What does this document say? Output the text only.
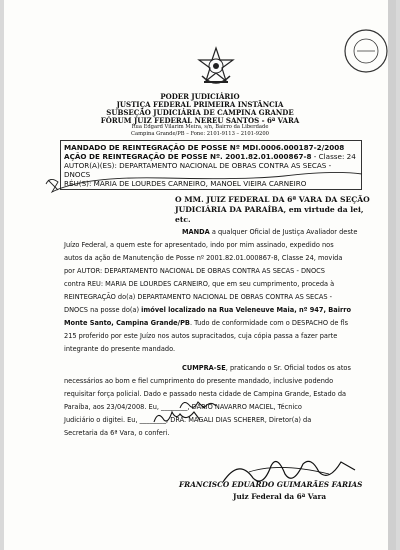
PODER JUDICIÁRIO

JUSTIÇA FEDERAL PRIMEIRA INSTÂNCIA

SUBSEÇÃO JUDICIÁRIA DE CAMPINA GRANDE

FÓRUM JUIZ FEDERAL NEREU SANTOS - 6ª VARA

Rua Edgard Vilarim Meira, s/n, Bairro da Liberdade

Campina Grande/PB – Fone: 2101-9113 – 2101-9200

MANDADO DE REINTEGRAÇÃO DE POSSE Nº MDI.0006.000187-2/2008

AÇÃO DE REINTEGRAÇÃO DE POSSE Nº. 2001.82.01.000867-8 - Classe: 24

AUTOR(A)(ES): DEPARTAMENTO NACIONAL DE OBRAS CONTRA AS SECAS -

DNOCS

RÉU(S): MARIA DE LOURDES CARNEIRO, MANOEL VIEIRA CARNEIRO

O MM. JUIZ FEDERAL DA 6ª VARA DA SEÇÃO

JUDICIÁRIA DA PARAÍBA, em virtude da lei,

etc.

MANDA a qualquer Oficial de Justiça Avaliador deste

Juízo Federal, a quem este for apresentado, indo por mim assinado, expedido nos

autos da ação de Manutenção de Posse nº 2001.82.01.000867-8, Classe 24, movida

por AUTOR: DEPARTAMENTO NACIONAL DE OBRAS CONTRA AS SECAS - DNOCS

contra REU: MARIA DE LOURDES CARNEIRO, que em seu cumprimento, proceda à

REINTEGRAÇÃO do(a) DEPARTAMENTO NACIONAL DE OBRAS CONTRA AS SECAS -

DNOCS na posse do(a) imóvel localizado na Rua Veleneuve Maia, nº 947, Bairro

Monte Santo, Campina Grande/PB. Tudo de conformidade com o DESPACHO de fls

215 proferido por este Juízo nos autos supracitados, cuja cópia passa a fazer parte

integrante do presente mandado.

CUMPRA-SE, praticando o Sr. Oficial todos os atos

necessários ao bom e fiel cumprimento do presente mandado, inclusive podendo

requisitar força policial. Dado e passado nesta cidade de Campina Grande, Estado da

Paraíba, aos 23/04/2008. Eu, ________, DARIO NAVARRO MACIEL, Técnico

Judiciário o digitei. Eu, ________, DRA. MAGALI DIAS SCHERER, Diretor(a) da

Secretaria da 6ª Vara, o conferi.

FRANCISCO EDUARDO GUIMARÃES FARIAS

Juiz Federal da 6ª Vara
